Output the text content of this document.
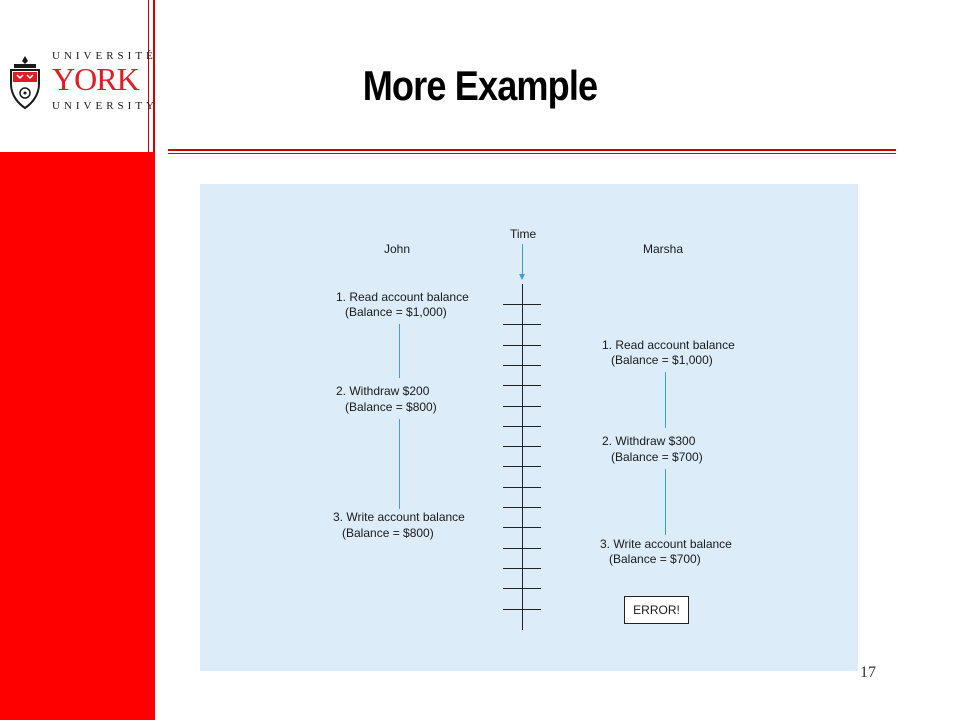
UNIVERSITÉ
YORK
UNIVERSITY	More Example
John
Time
Marsha
1. Read account balance
(Balance = $1,000)
2. Withdraw $200
(Balance = $800)
3. Write account balance
(Balance = $800)
1. Read account balance
(Balance = $1,000)
2. Withdraw $300
(Balance = $700)
3. Write account balance
(Balance = $700)
ERROR!
17
